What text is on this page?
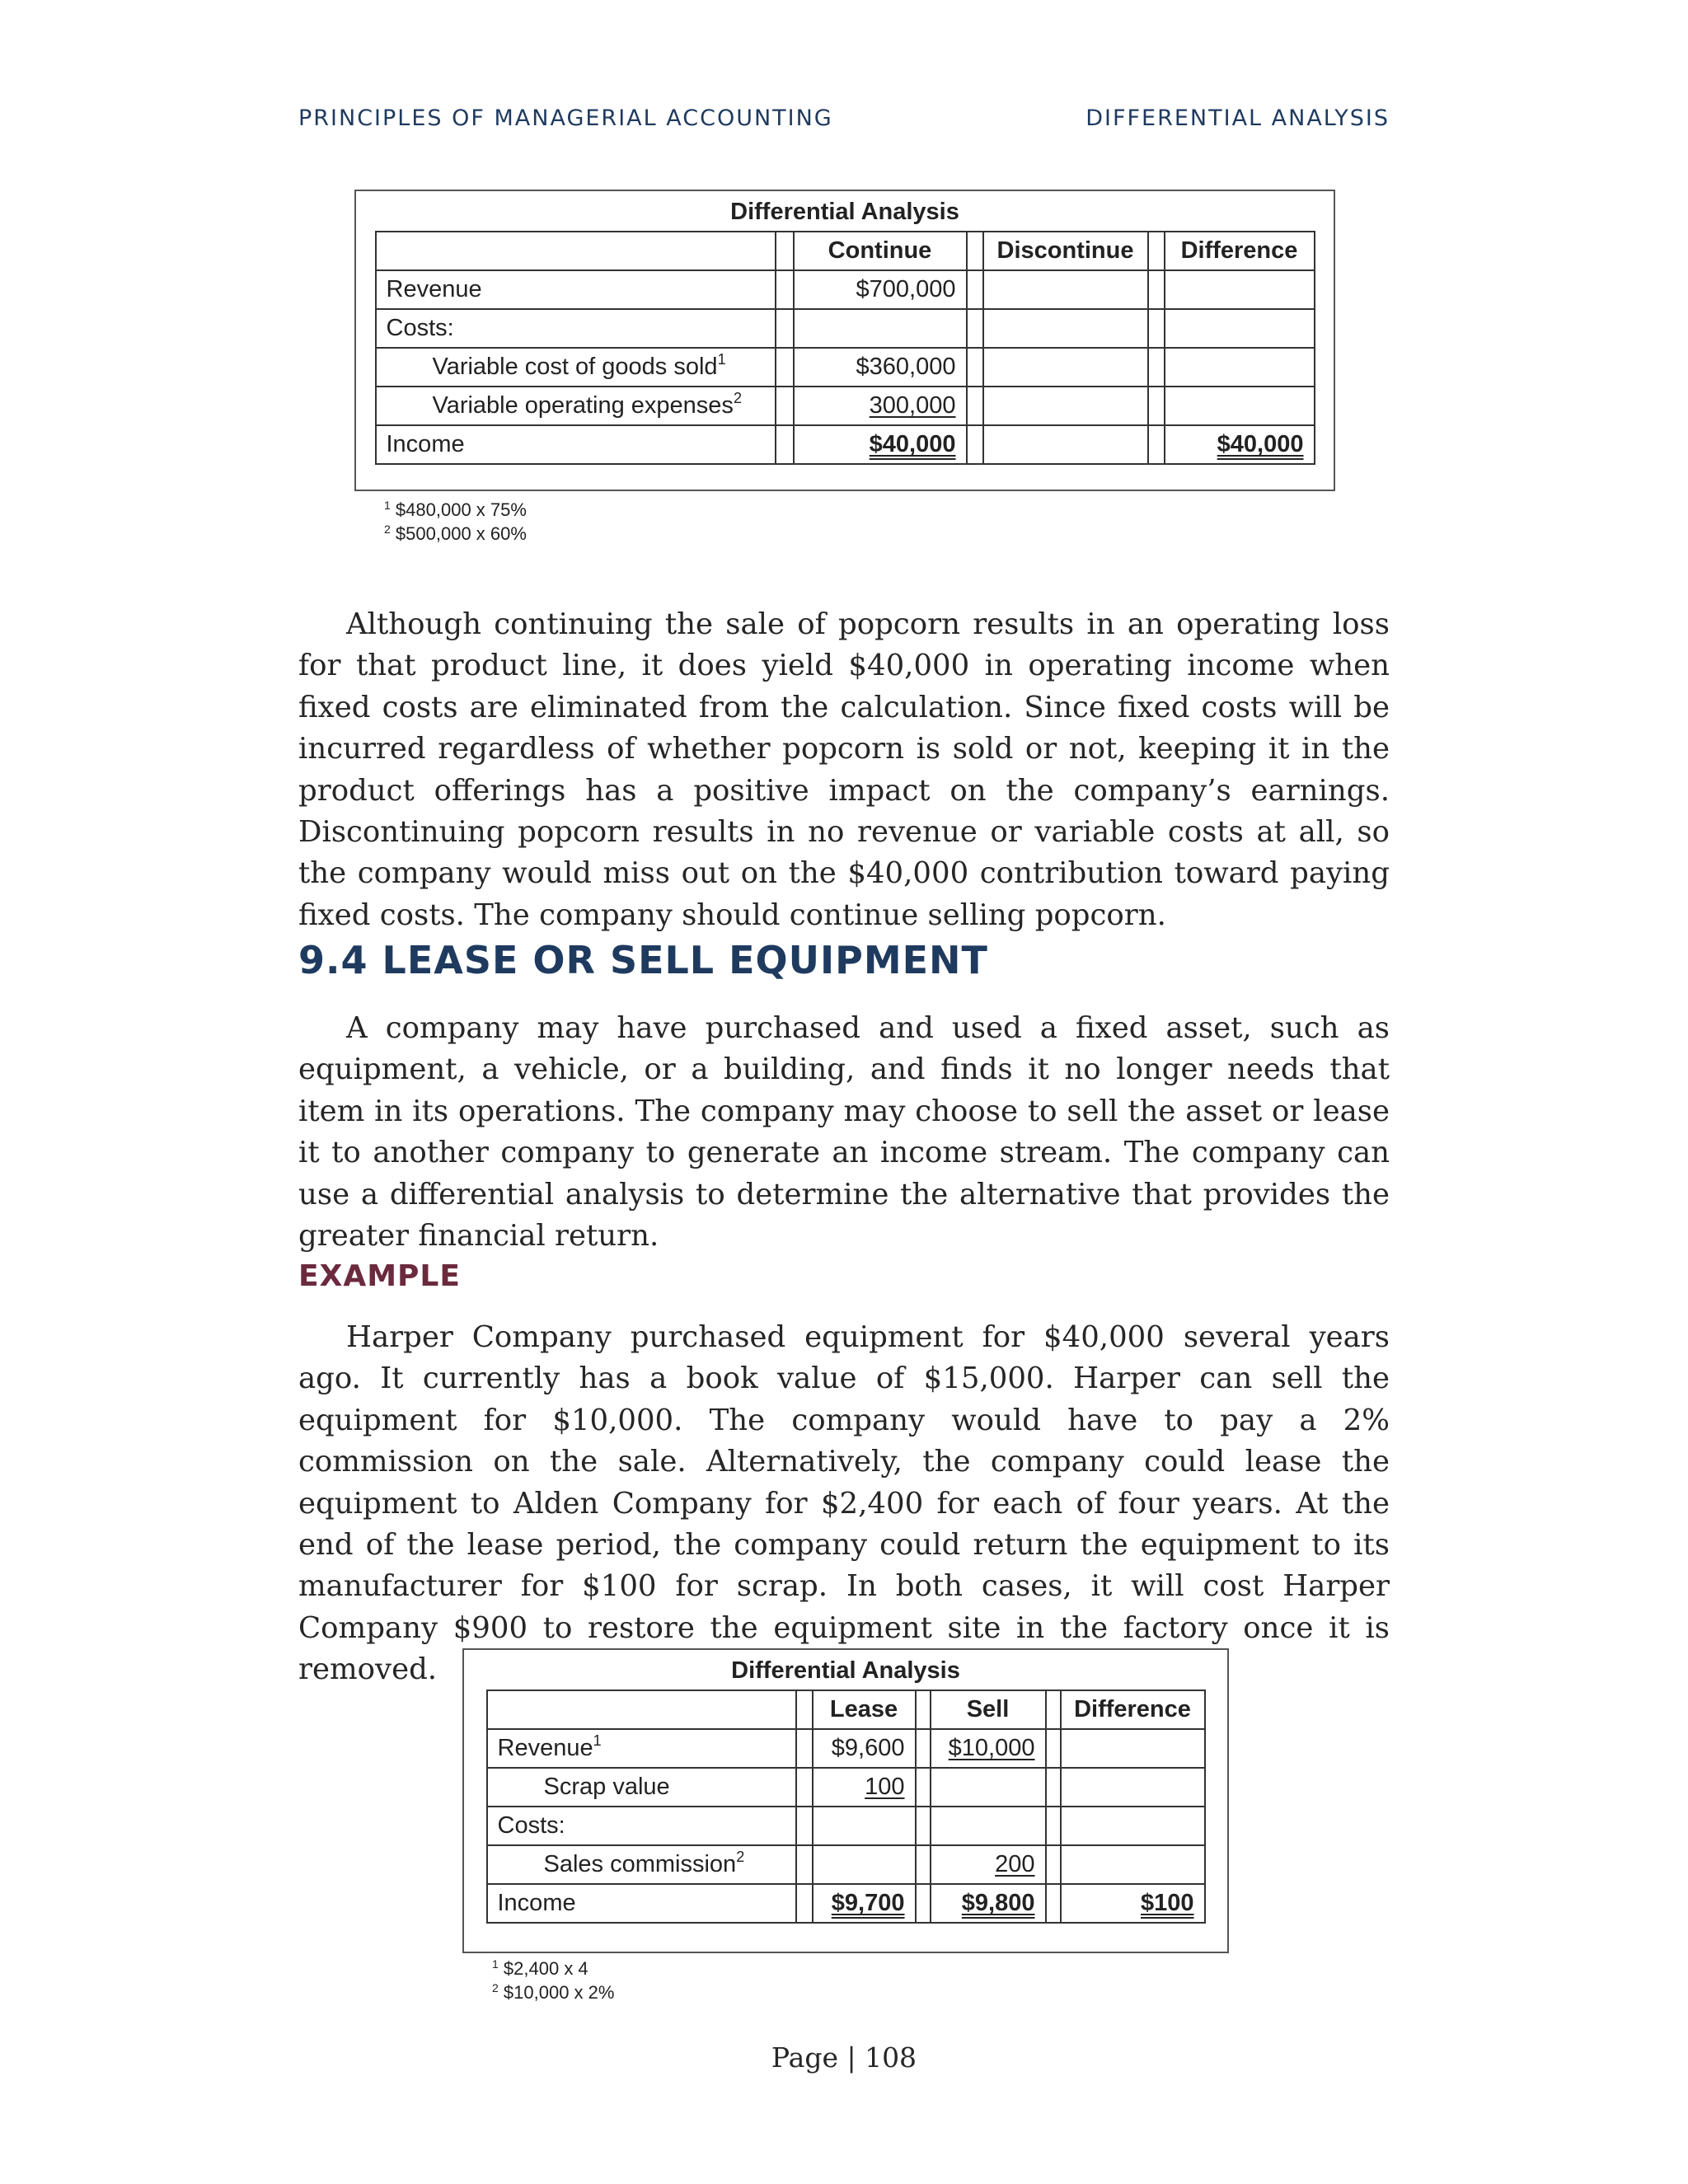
PRINCIPLES OF MANAGERIAL ACCOUNTING	DIFFERENTIAL ANALYSIS
Differential Analysis
		Continue		Discontinue		Difference
Revenue		$700,000				
Costs:						
Variable cost of goods sold$^1$		$360,000				
Variable operating expenses$^2$		300,000				
Income		$40,000				$40,000
$^1$ $480,000 x 75%
$^2$ $500,000 x 60%

Although continuing the sale of popcorn results in an operating loss for that product line, it does yield $40,000 in operating income when fixed costs are eliminated from the calculation. Since fixed costs will be incurred regardless of whether popcorn is sold or not, keeping it in the product offerings has a positive impact on the company’s earnings. Discontinuing popcorn results in no revenue or variable costs at all, so the company would miss out on the $40,000 contribution toward paying fixed costs. The company should continue selling popcorn.

9.4 LEASE OR SELL EQUIPMENT

A company may have purchased and used a fixed asset, such as equipment, a vehicle, or a building, and finds it no longer needs that item in its operations. The company may choose to sell the asset or lease it to another company to generate an income stream. The company can use a differential analysis to determine the alternative that provides the greater financial return.

EXAMPLE

Harper Company purchased equipment for $40,000 several years ago. It currently has a book value of $15,000. Harper can sell the equipment for $10,000. The company would have to pay a 2% commission on the sale. Alternatively, the company could lease the equipment to Alden Company for $2,400 for each of four years. At the end of the lease period, the company could return the equipment to its manufacturer for $100 for scrap. In both cases, it will cost Harper Company $900 to restore the equipment site in the factory once it is removed.	Differential Analysis
		Lease		Sell		Difference
Revenue$^1$		$9,600		$10,000		
Scrap value		100				
Costs:						
Sales commission$^2$				200		
Income		$9,700		$9,800		$100
$^1$ $2,400 x 4
$^2$ $10,000 x 2%
Page | 108
